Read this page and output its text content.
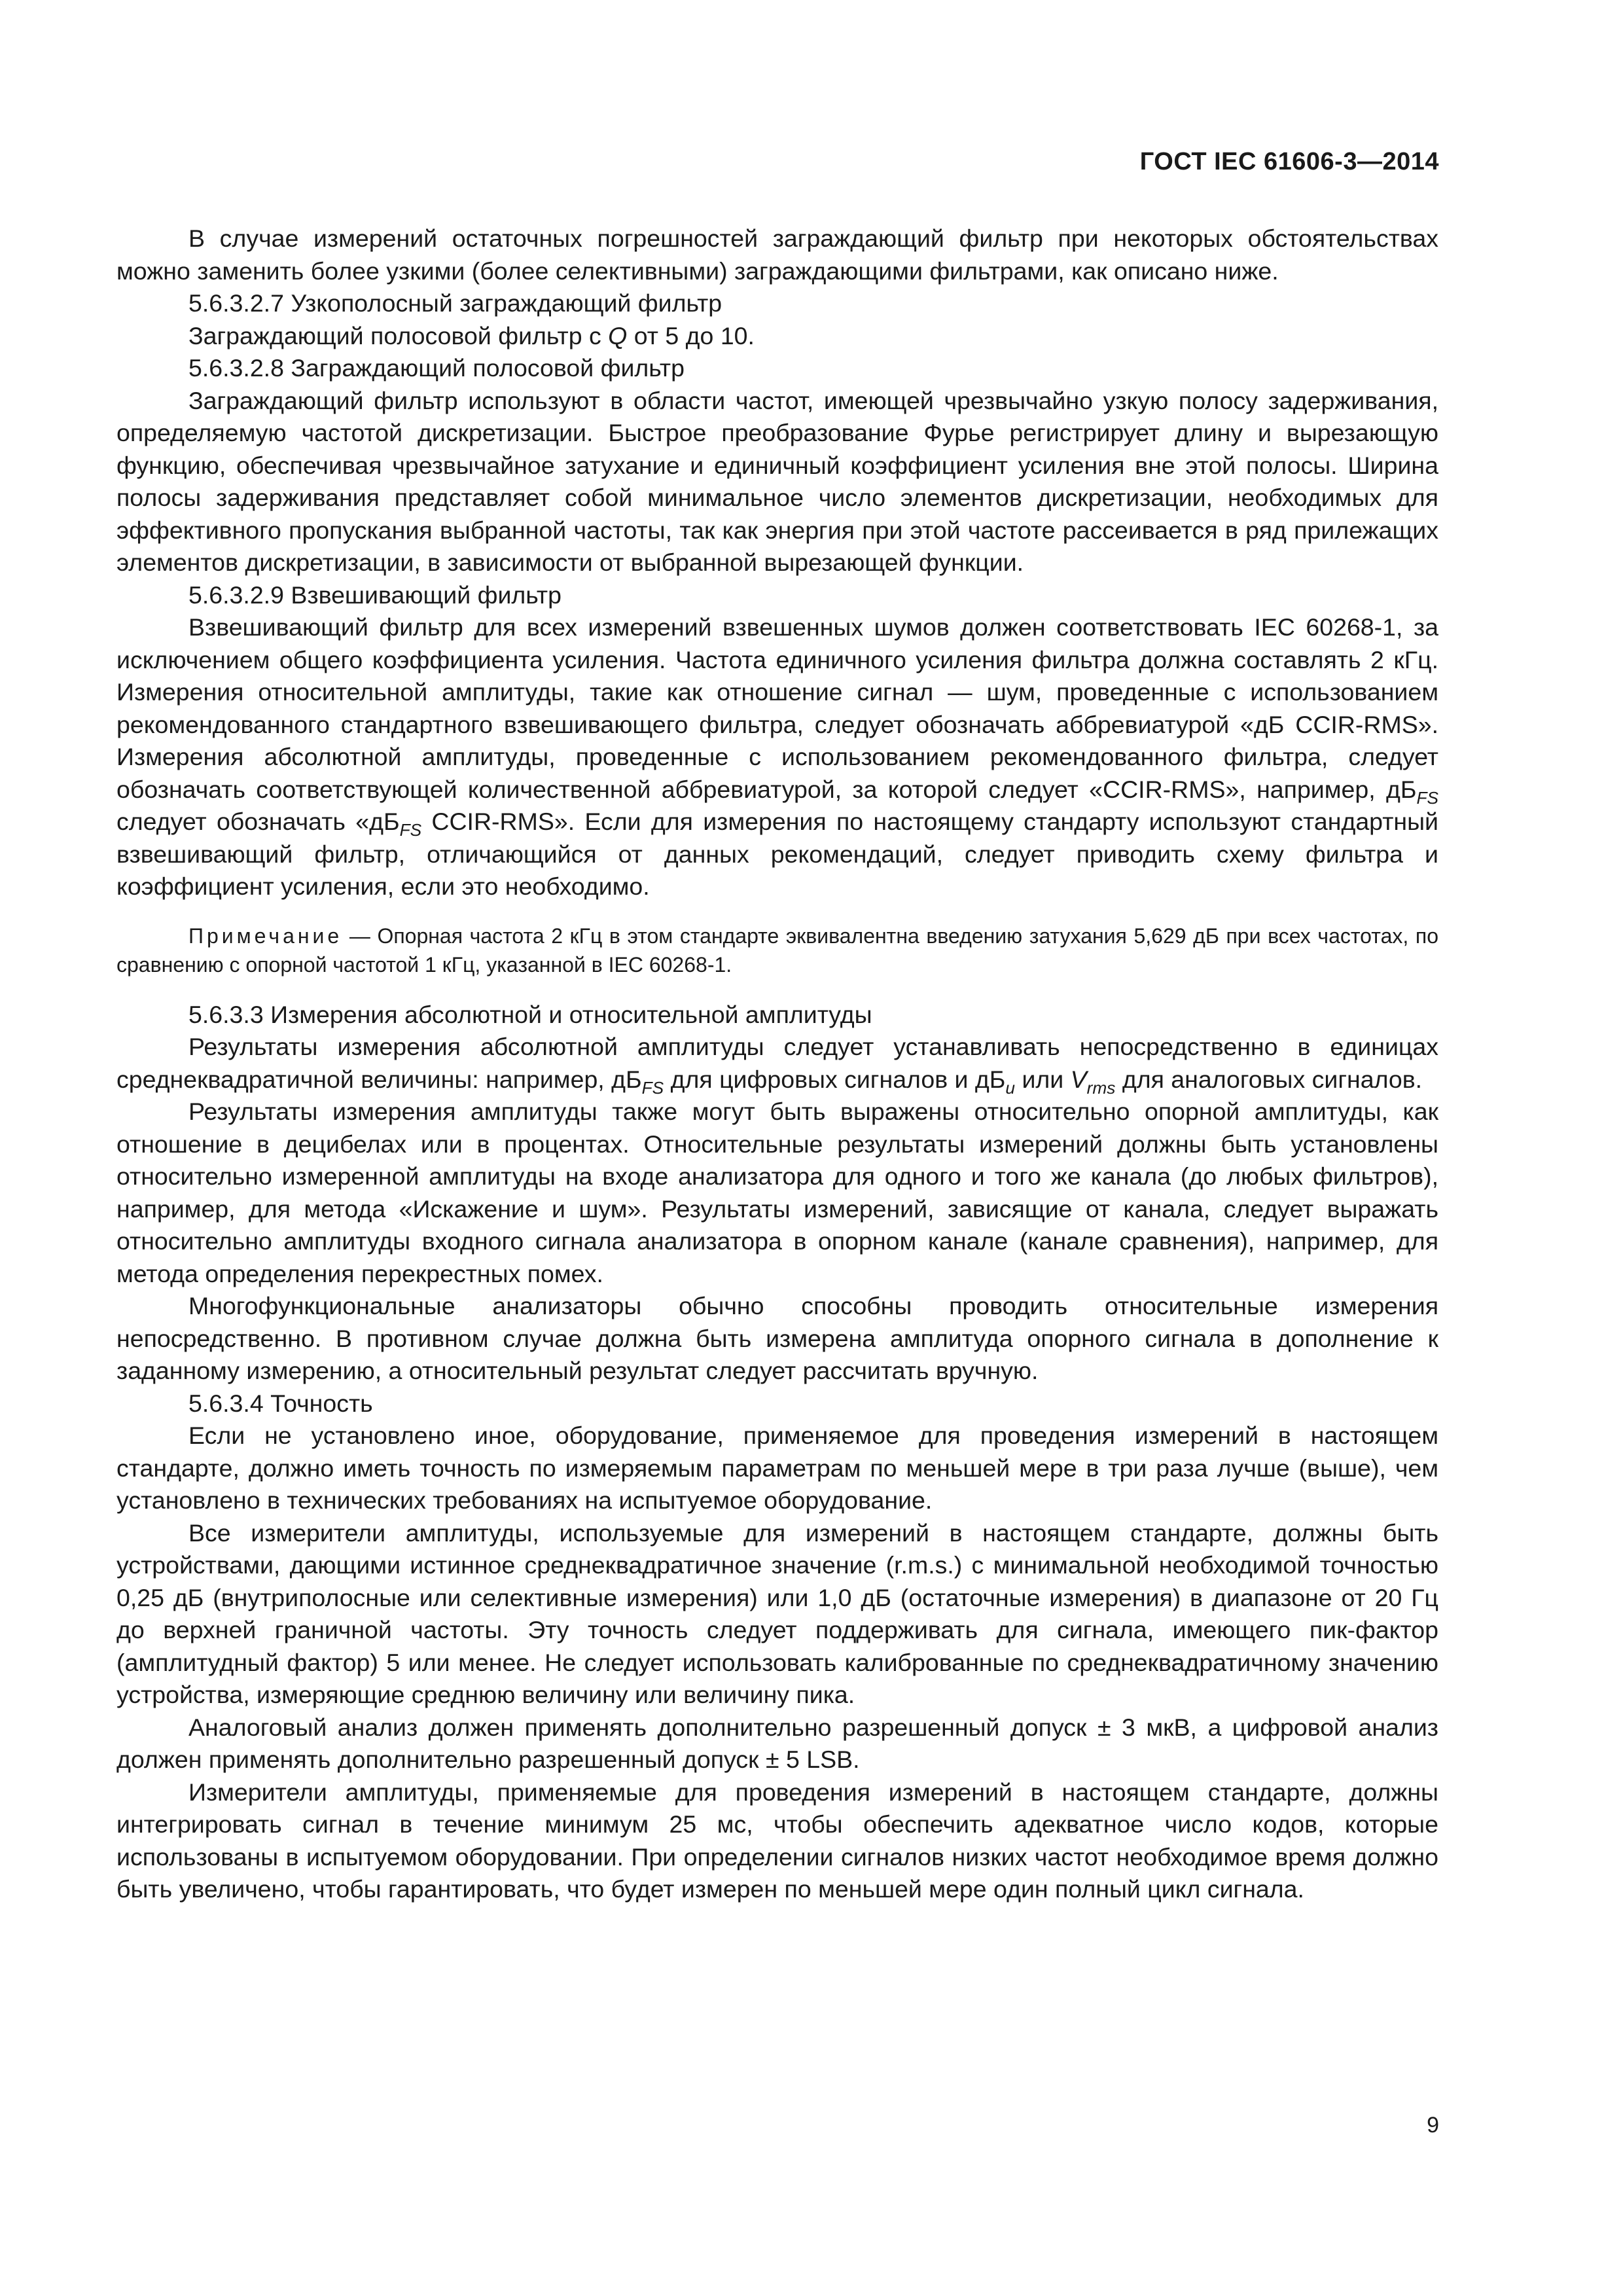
ГОСТ IEC 61606-3—2014

В случае измерений остаточных погрешностей заграждающий фильтр при некоторых обстоятельствах можно заменить более узкими (более селективными) заграждающими фильтрами, как описано ниже.

5.6.3.2.7 Узкополосный заграждающий фильтр

Заграждающий полосовой фильтр с Q от 5 до 10.

5.6.3.2.8 Заграждающий полосовой фильтр

Заграждающий фильтр используют в области частот, имеющей чрезвычайно узкую полосу задерживания, определяемую частотой дискретизации. Быстрое преобразование Фурье регистрирует длину и вырезающую функцию, обеспечивая чрезвычайное затухание и единичный коэффициент усиления вне этой полосы. Ширина полосы задерживания представляет собой минимальное число элементов дискретизации, необходимых для эффективного пропускания выбранной частоты, так как энергия при этой частоте рассеивается в ряд прилежащих элементов дискретизации, в зависимости от выбранной вырезающей функции.

5.6.3.2.9 Взвешивающий фильтр

Взвешивающий фильтр для всех измерений взвешенных шумов должен соответствовать IEC 60268-1, за исключением общего коэффициента усиления. Частота единичного усиления фильтра должна составлять 2 кГц. Измерения относительной амплитуды, такие как отношение сигнал — шум, проведенные с использованием рекомендованного стандартного взвешивающего фильтра, следует обозначать аббревиатурой «дБ CCIR-RMS». Измерения абсолютной амплитуды, проведенные с использованием рекомендованного фильтра, следует обозначать соответствующей количественной аббревиатурой, за которой следует «CCIR-RMS», например, $дБ_{FS}$ следует обозначать «$дБ_{FS}$ CCIR-RMS». Если для измерения по настоящему стандарту используют стандартный взвешивающий фильтр, отличающийся от данных рекомендаций, следует приводить схему фильтра и коэффициент усиления, если это необходимо.

Примечание — Опорная частота 2 кГц в этом стандарте эквивалентна введению затухания 5,629 дБ при всех частотах, по сравнению с опорной частотой 1 кГц, указанной в IEC 60268-1.

5.6.3.3 Измерения абсолютной и относительной амплитуды

Результаты измерения абсолютной амплитуды следует устанавливать непосредственно в единицах среднеквадратичной величины: например, $дБ_{FS}$ для цифровых сигналов и $дБ_u$ или $V_{rms}$ для аналоговых сигналов.

Результаты измерения амплитуды также могут быть выражены относительно опорной амплитуды, как отношение в децибелах или в процентах. Относительные результаты измерений должны быть установлены относительно измеренной амплитуды на входе анализатора для одного и того же канала (до любых фильтров), например, для метода «Искажение и шум». Результаты измерений, зависящие от канала, следует выражать относительно амплитуды входного сигнала анализатора в опорном канале (канале сравнения), например, для метода определения перекрестных помех.

Многофункциональные анализаторы обычно способны проводить относительные измерения непосредственно. В противном случае должна быть измерена амплитуда опорного сигнала в дополнение к заданному измерению, а относительный результат следует рассчитать вручную.

5.6.3.4 Точность

Если не установлено иное, оборудование, применяемое для проведения измерений в настоящем стандарте, должно иметь точность по измеряемым параметрам по меньшей мере в три раза лучше (выше), чем установлено в технических требованиях на испытуемое оборудование.

Все измерители амплитуды, используемые для измерений в настоящем стандарте, должны быть устройствами, дающими истинное среднеквадратичное значение (r.m.s.) с минимальной необходимой точностью 0,25 дБ (внутриполосные или селективные измерения) или 1,0 дБ (остаточные измерения) в диапазоне от 20 Гц до верхней граничной частоты. Эту точность следует поддерживать для сигнала, имеющего пик-фактор (амплитудный фактор) 5 или менее. Не следует использовать калиброванные по среднеквадратичному значению устройства, измеряющие среднюю величину или величину пика.

Аналоговый анализ должен применять дополнительно разрешенный допуск ± 3 мкВ, а цифровой анализ должен применять дополнительно разрешенный допуск ± 5 LSB.

Измерители амплитуды, применяемые для проведения измерений в настоящем стандарте, должны интегрировать сигнал в течение минимум 25 мс, чтобы обеспечить адекватное число кодов, которые использованы в испытуемом оборудовании. При определении сигналов низких частот необходимое время должно быть увеличено, чтобы гарантировать, что будет измерен по меньшей мере один полный цикл сигнала.

9
